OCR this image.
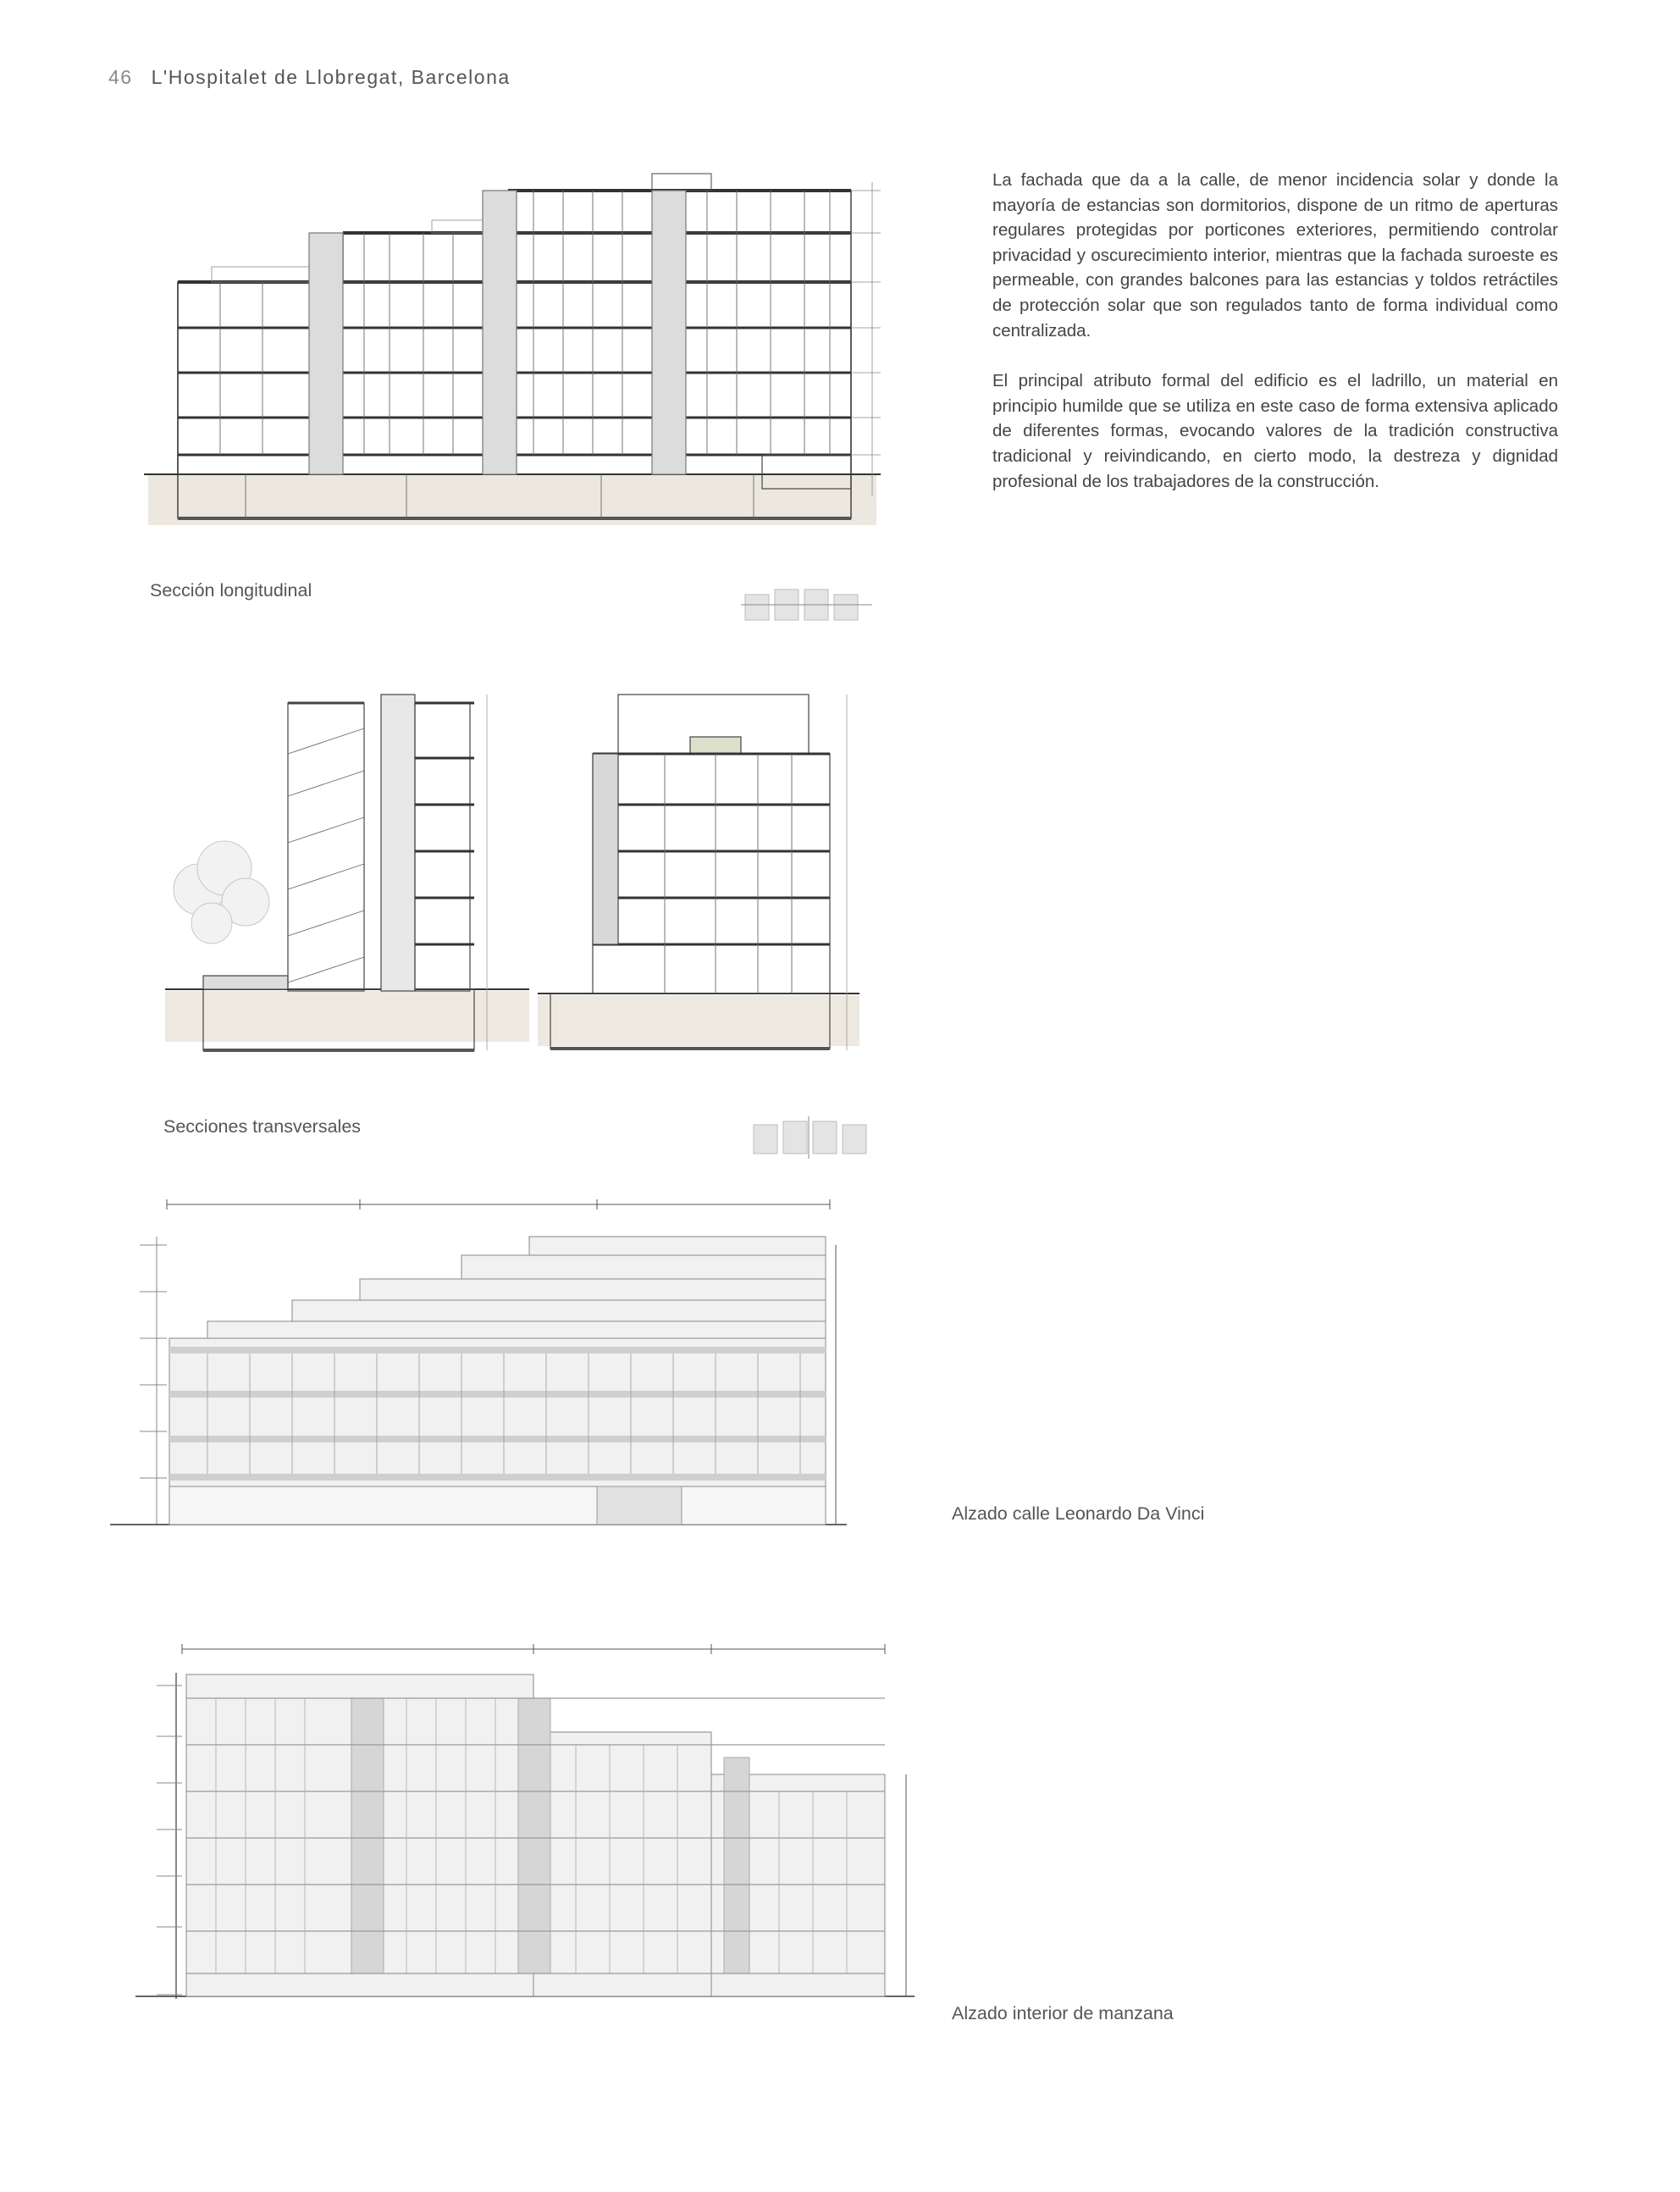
46 L'Hospitalet de Llobregat, Barcelona

La fachada que da a la calle, de menor incidencia solar y donde la mayoría de estancias son dormitorios, dispone de un ritmo de aperturas regulares protegidas por porticones exteriores, permitiendo controlar privacidad y oscurecimiento interior, mientras que la fachada suroeste es permeable, con grandes balcones para las estancias y toldos retráctiles de protección solar que son regulados tanto de forma individual como centralizada.

El principal atributo formal del edificio es el ladrillo, un material en principio humilde que se utiliza en este caso de forma extensiva aplicado de diferentes formas, evocando valores de la tradición constructiva tradicional y reivindicando, en cierto modo, la destreza y dignidad profesional de los trabajadores de la construcción.

Sección longitudinal
Secciones transversales
Alzado calle Leonardo Da Vinci
Alzado interior de manzana
